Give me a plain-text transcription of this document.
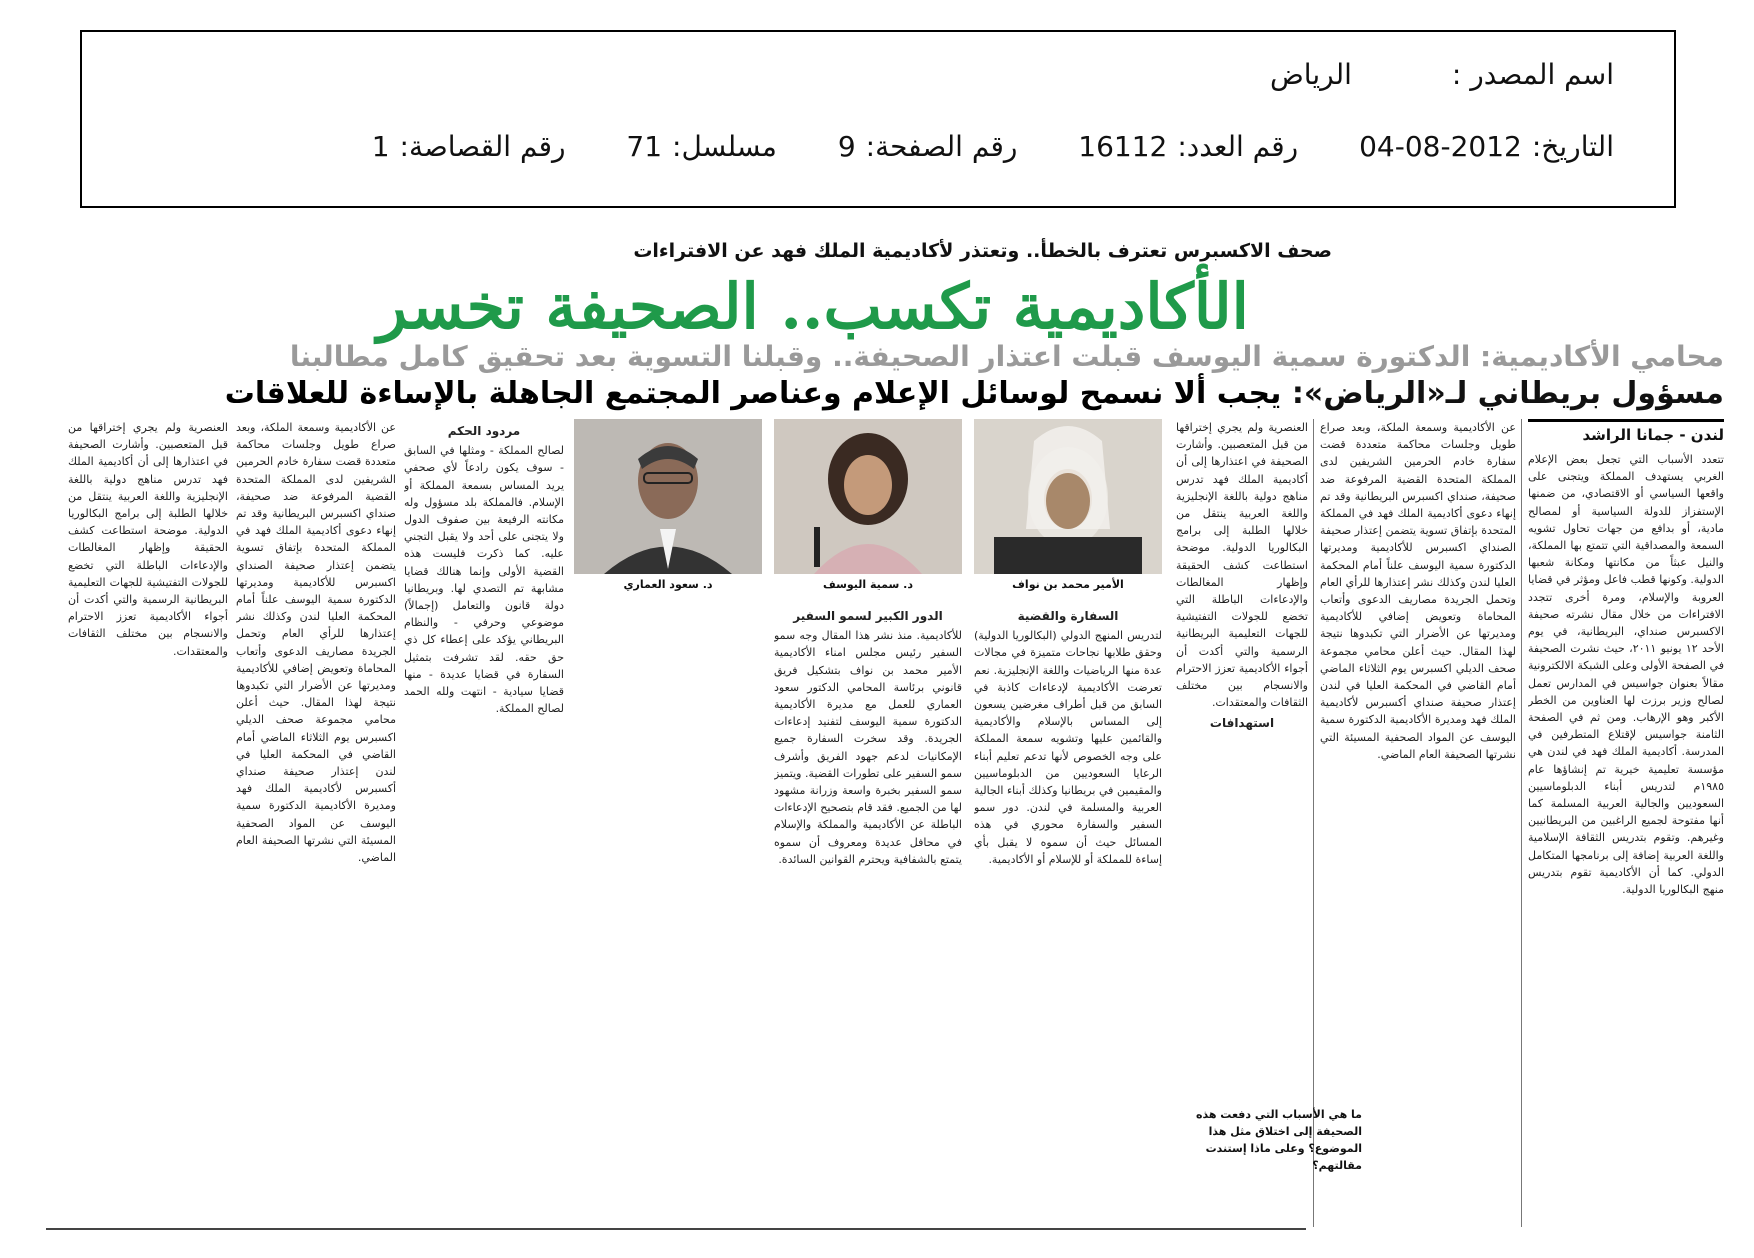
اسم المصدر :الرياض
التاريخ:2012-08-04 رقم العدد:16112 رقم الصفحة:9 مسلسل:71 رقم القصاصة:1
صحف الاكسبرس تعترف بالخطأ.. وتعتذر لأكاديمية الملك فهد عن الافتراءات
الأكاديمية تكسب.. الصحيفة تخسر
محامي الأكاديمية: الدكتورة سمية اليوسف قبلت اعتذار الصحيفة.. وقبلنا التسوية بعد تحقيق كامل مطالبنا
مسؤول بريطاني لـ«الرياض»: يجب ألا نسمح لوسائل الإعلام وعناصر المجتمع الجاهلة بالإساءة للعلاقات
لندن - جمانا الراشد

تتعدد الأسباب التي تجعل بعض الإعلام الغربي يستهدف المملكة ويتجنى على واقعها السياسي أو الاقتصادي، من ضمنها الإستفزاز للدولة السياسية أو لمصالح مادية، أو بدافع من جهات تحاول تشويه السمعة والمصداقية التي تتمتع بها المملكة، والنيل عبثاً من مكانتها ومكانة شعبها الدولية. وكونها قطب فاعل ومؤثر في قضايا العروبة والإسلام، ومرة أخرى تتجدد الافتراءات من خلال مقال نشرته صحيفة الاكسبرس صنداي، البريطانية، في يوم الأحد ١٢ يونيو ٢٠١١، حيث نشرت الصحيفة في الصفحة الأولى وعلى الشبكة الالكترونية مقالاً بعنوان جواسيس في المدارس تعمل لصالح وزير برزت لها العناوين من الخطر الأكبر وهو الإرهاب. ومن ثم في الصفحة الثامنة جواسيس لإقتلاع المتطرفين في المدرسة. أكاديمية الملك فهد في لندن هي مؤسسة تعليمية خيرية تم إنشاؤها عام ١٩٨٥م لتدريس أبناء الدبلوماسيين السعوديين والجالية العربية المسلمة كما أنها مفتوحة لجميع الراغبين من البريطانيين وغيرهم. وتقوم بتدريس الثقافة الإسلامية واللغة العربية إضافة إلى برنامجها المتكامل الدولي. كما أن الأكاديمية تقوم بتدريس منهج البكالوريا الدولية.

عن الأكاديمية وسمعة الملكة، وبعد صراع طويل وجلسات محاكمة متعددة قضت سفارة خادم الحرمين الشريفين لدى المملكة المتحدة القضية المرفوعة ضد صحيفة، صنداي اكسبرس البريطانية وقد تم إنهاء دعوى أكاديمية الملك فهد في المملكة المتحدة بإتفاق تسوية يتضمن إعتذار صحيفة الصنداي اكسبرس للأكاديمية ومديرتها الدكتورة سمية اليوسف علناً أمام المحكمة العليا لندن وكذلك نشر إعتذارها للرأي العام وتحمل الجريدة مصاريف الدعوى وأتعاب المحاماة وتعويض إضافي للأكاديمية ومديرتها عن الأضرار التي تكبدوها نتيجة لهذا المقال. حيث أعلن محامي مجموعة صحف الديلي اكسبرس يوم الثلاثاء الماضي أمام القاضي في المحكمة العليا في لندن إعتذار صحيفة صنداي أكسبرس لأكاديمية الملك فهد ومديرة الأكاديمية الدكتورة سمية اليوسف عن المواد الصحفية المسيئة التي نشرتها الصحيفة العام الماضي.

العنصرية ولم يجري إختراقها من قبل المتعصبين. وأشارت الصحيفة في اعتذارها إلى أن أكاديمية الملك فهد تدرس مناهج دولية باللغة الإنجليزية واللغة العربية ينتقل من خلالها الطلبة إلى برامج البكالوريا الدولية. موضحة استطاعت كشف الحقيقة وإظهار المغالطات والإدعاءات الباطلة التي تخضع للجولات التفتيشية للجهات التعليمية البريطانية الرسمية والتي أكدت أن أجواء الأكاديمية تعزز الاحترام والانسجام بين مختلف الثقافات والمعتقدات.

استهدافات
الأمير محمد بن نواف
د. سمية اليوسف
د. سعود العماري
السفارة والقضية

لتدريس المنهج الدولي (البكالوريا الدولية) وحقق طلابها نجاحات متميزة في مجالات عدة منها الرياضيات واللغة الإنجليزية. نعم تعرضت الأكاديمية لإدعاءات كاذبة في السابق من قبل أطراف مغرضين يسعون إلى المساس بالإسلام والأكاديمية والقائمين عليها وتشويه سمعة المملكة على وجه الخصوص لأنها تدعم تعليم أبناء الرعايا السعوديين من الدبلوماسيين والمقيمين في بريطانيا وكذلك أبناء الجالية العربية والمسلمة في لندن. دور سمو السفير والسفارة محوري في هذه المسائل حيث أن سموه لا يقبل بأي إساءة للمملكة أو للإسلام أو الأكاديمية.

الدور الكبير لسمو السفير

للأكاديمية. منذ نشر هذا المقال وجه سمو السفير رئيس مجلس امناء الأكاديمية الأمير محمد بن نواف بتشكيل فريق قانوني برئاسة المحامي الدكتور سعود العماري للعمل مع مديرة الأكاديمية الدكتورة سمية اليوسف لتفنيد إدعاءات الجريدة. وقد سخرت السفارة جميع الإمكانيات لدعم جهود الفريق وأشرف سمو السفير على تطورات القضية. ويتميز سمو السفير بخبرة واسعة وزرانة مشهود لها من الجميع. فقد قام بتصحيح الإدعاءات الباطلة عن الأكاديمية والمملكة والإسلام في محافل عديدة ومعروف أن سموه يتمتع بالشفافية ويحترم القوانين السائدة.

مردود الحكم

لصالح المملكة - ومثلها في السابق - سوف يكون رادعاً لأي صحفي يريد المساس بسمعة المملكة أو الإسلام. فالمملكة بلد مسؤول وله مكانته الرفيعة بين صفوف الدول ولا يتجنى على أحد ولا يقبل التجني عليه. كما ذكرت فليست هذه القضية الأولى وإنما هنالك قضايا مشابهة تم التصدي لها. وبريطانيا دولة قانون والتعامل (إجمالاً) موضوعي وحرفي - والنظام البريطاني يؤكد على إعطاء كل ذي حق حقه. لقد تشرفت بتمثيل السفارة في قضايا عديدة - منها قضايا سيادية - انتهت ولله الحمد لصالح المملكة.

عن الأكاديمية وسمعة الملكة، وبعد صراع طويل وجلسات محاكمة متعددة قضت سفارة خادم الحرمين الشريفين لدى المملكة المتحدة القضية المرفوعة ضد صحيفة، صنداي اكسبرس البريطانية وقد تم إنهاء دعوى أكاديمية الملك فهد في المملكة المتحدة بإتفاق تسوية يتضمن إعتذار صحيفة الصنداي اكسبرس للأكاديمية ومديرتها الدكتورة سمية اليوسف علناً أمام المحكمة العليا لندن وكذلك نشر إعتذارها للرأي العام وتحمل الجريدة مصاريف الدعوى وأتعاب المحاماة وتعويض إضافي للأكاديمية ومديرتها عن الأضرار التي تكبدوها نتيجة لهذا المقال. حيث أعلن محامي مجموعة صحف الديلي اكسبرس يوم الثلاثاء الماضي أمام القاضي في المحكمة العليا في لندن إعتذار صحيفة صنداي أكسبرس لأكاديمية الملك فهد ومديرة الأكاديمية الدكتورة سمية اليوسف عن المواد الصحفية المسيئة التي نشرتها الصحيفة العام الماضي.

العنصرية ولم يجري إختراقها من قبل المتعصبين. وأشارت الصحيفة في اعتذارها إلى أن أكاديمية الملك فهد تدرس مناهج دولية باللغة الإنجليزية واللغة العربية ينتقل من خلالها الطلبة إلى برامج البكالوريا الدولية. موضحة استطاعت كشف الحقيقة وإظهار المغالطات والإدعاءات الباطلة التي تخضع للجولات التفتيشية للجهات التعليمية البريطانية الرسمية والتي أكدت أن أجواء الأكاديمية تعزز الاحترام والانسجام بين مختلف الثقافات والمعتقدات.

ما هي الأسباب التي دفعت هذه الصحيفة إلى اختلاق مثل هذا الموضوع؟ وعلى ماذا إستندت مقالتهم؟
